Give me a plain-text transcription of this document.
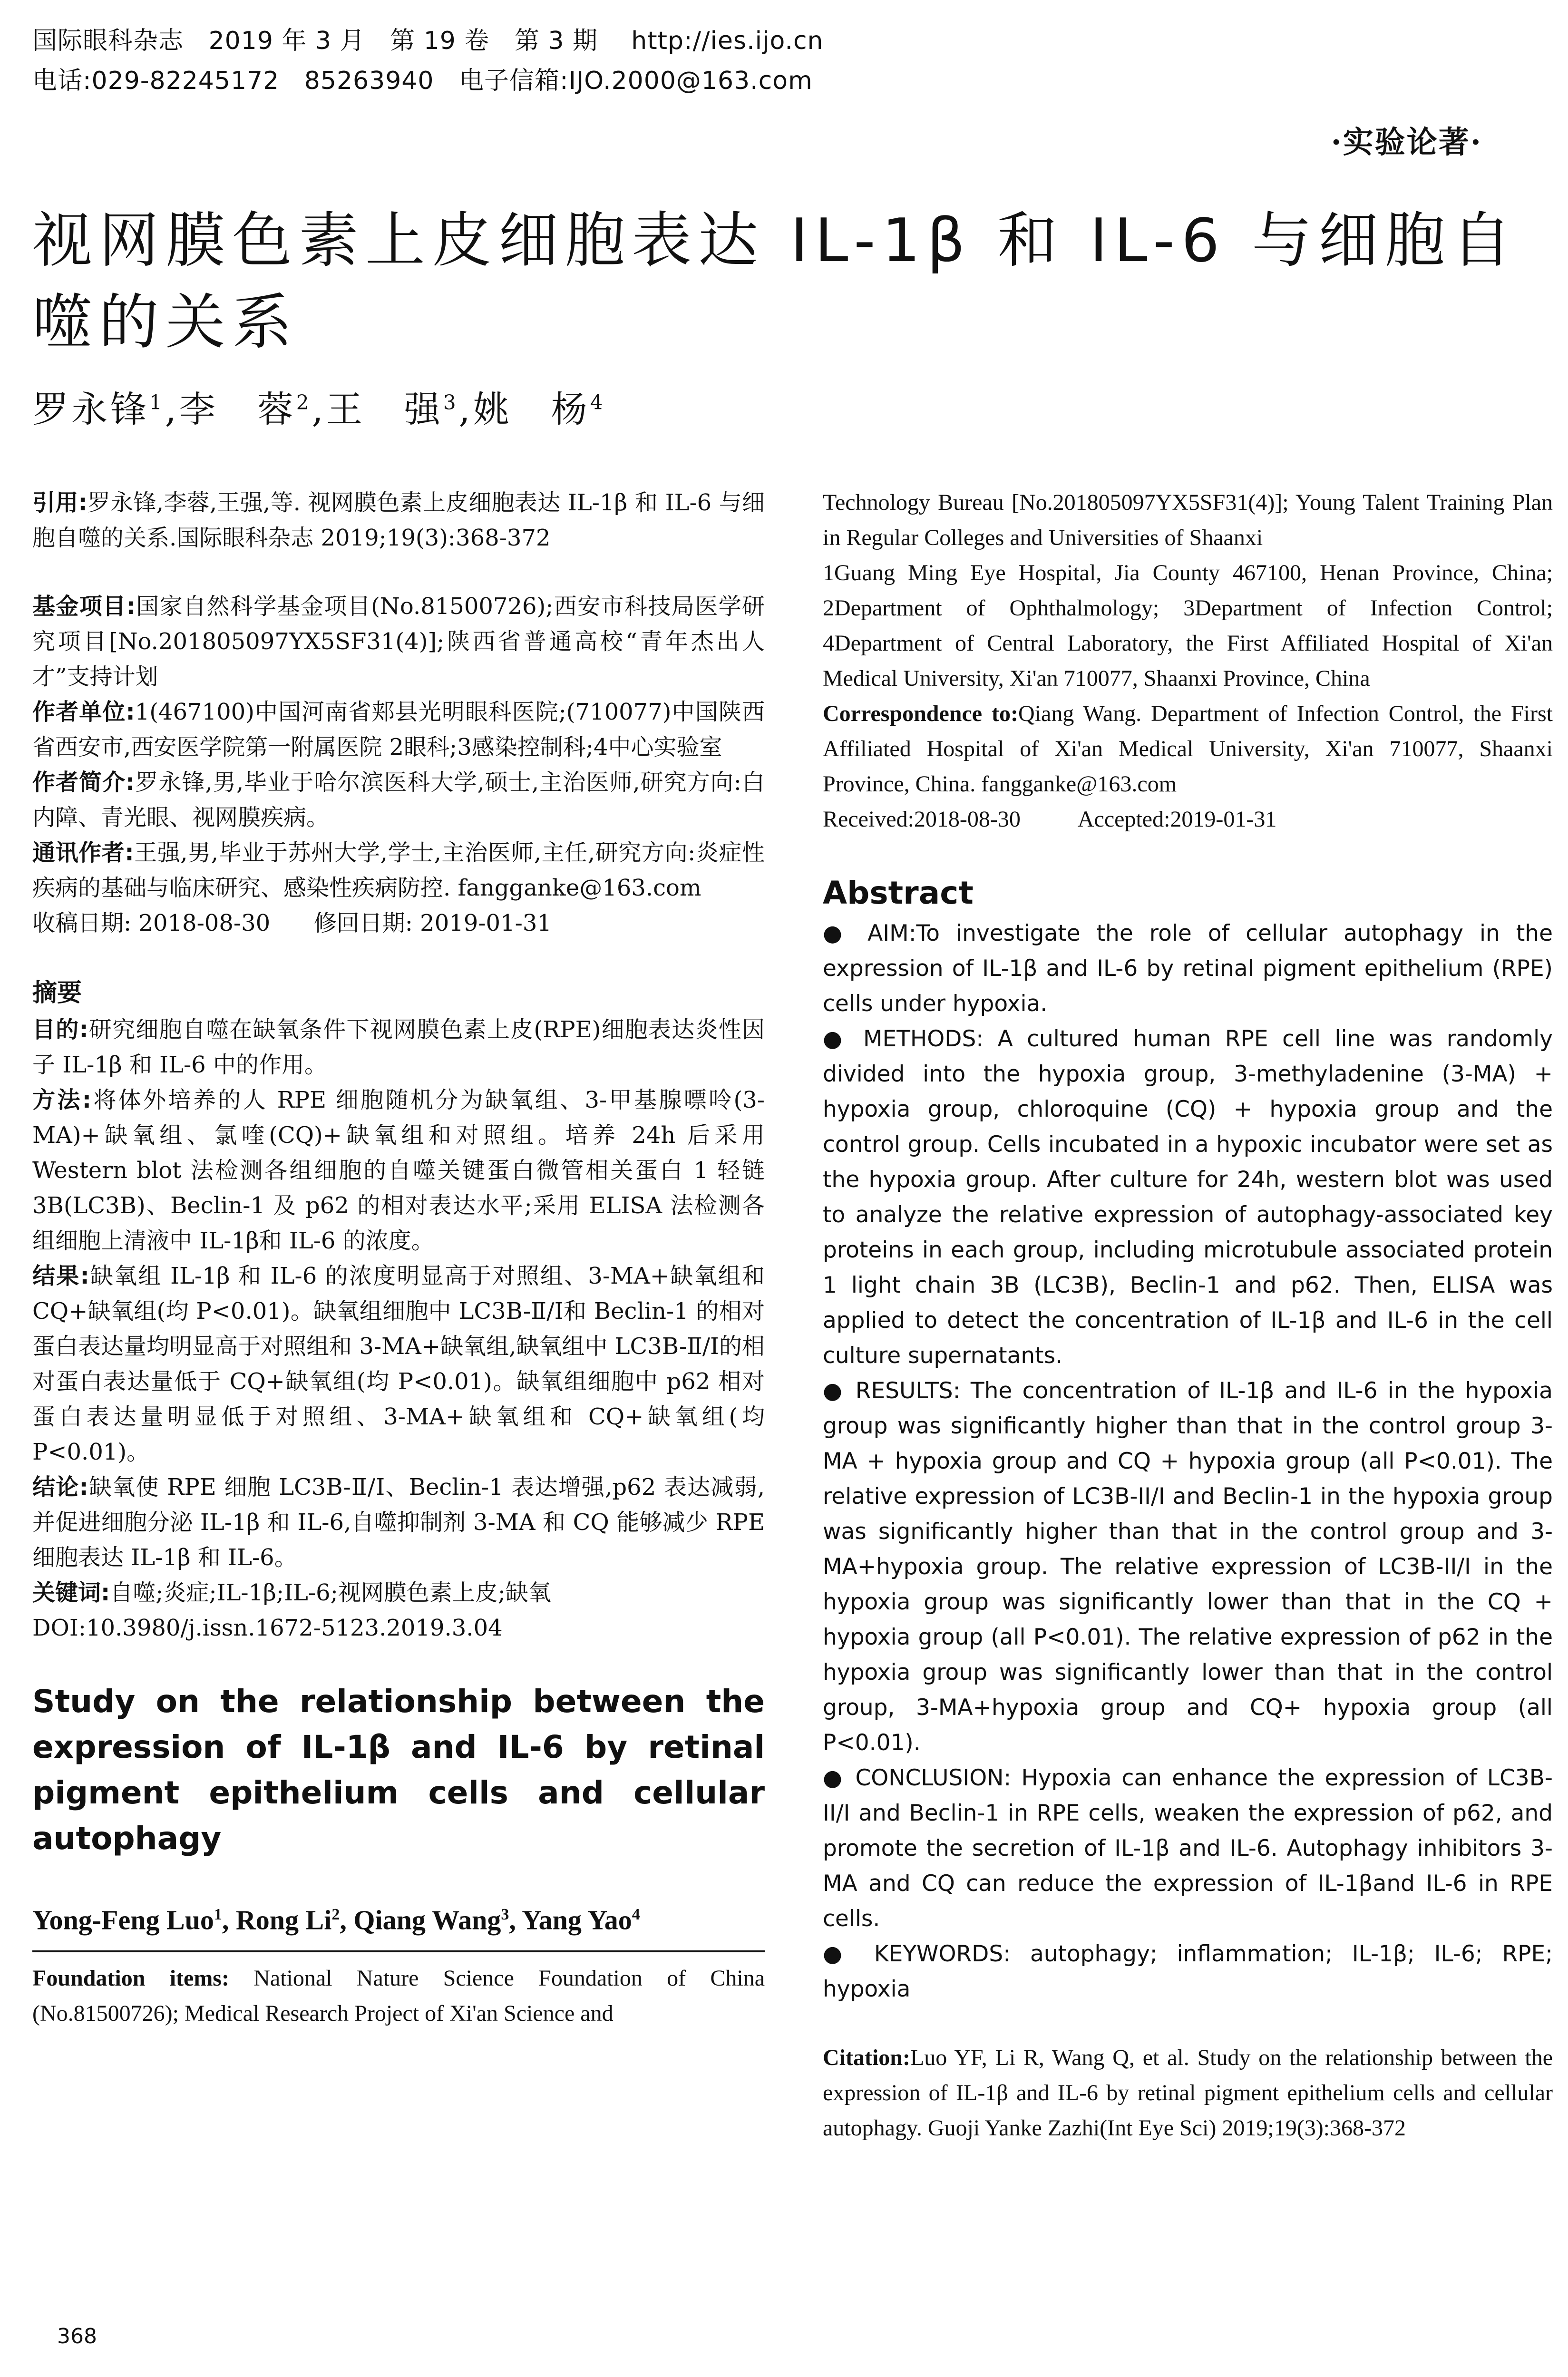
国际眼科杂志   2019 年 3 月   第 19 卷   第 3 期    http://ies.ijo.cn
电话:029-82245172   85263940   电子信箱:IJO.2000@163.com
·实验论著·
视网膜色素上皮细胞表达 IL-1β 和 IL-6 与细胞自噬的关系
罗永锋$^1$,李　蓉$^2$,王　强$^3$,姚　杨$^4$

引用:罗永锋,李蓉,王强,等. 视网膜色素上皮细胞表达 IL-1β 和 IL-6 与细胞自噬的关系.国际眼科杂志 2019;19(3):368-372

基金项目:国家自然科学基金项目(No.81500726);西安市科技局医学研究项目[No.201805097YX5SF31(4)];陕西省普通高校“青年杰出人才”支持计划

作者单位:1(467100)中国河南省郏县光明眼科医院;(710077)中国陕西省西安市,西安医学院第一附属医院 2眼科;3感染控制科;4中心实验室

作者简介:罗永锋,男,毕业于哈尔滨医科大学,硕士,主治医师,研究方向:白内障、青光眼、视网膜疾病。

通讯作者:王强,男,毕业于苏州大学,学士,主治医师,主任,研究方向:炎症性疾病的基础与临床研究、感染性疾病防控. fangganke@163.com

收稿日期: 2018-08-30 修回日期: 2019-01-31

摘要

目的:研究细胞自噬在缺氧条件下视网膜色素上皮(RPE)细胞表达炎性因子 IL-1β 和 IL-6 中的作用。

方法:将体外培养的人 RPE 细胞随机分为缺氧组、3-甲基腺嘌呤(3-MA)+缺氧组、氯喹(CQ)+缺氧组和对照组。培养 24h 后采用 Western blot 法检测各组细胞的自噬关键蛋白微管相关蛋白 1 轻链 3B(LC3B)、Beclin-1 及 p62 的相对表达水平;采用 ELISA 法检测各组细胞上清液中 IL-1β和 IL-6 的浓度。

结果:缺氧组 IL-1β 和 IL-6 的浓度明显高于对照组、3-MA+缺氧组和 CQ+缺氧组(均 P<0.01)。缺氧组细胞中 LC3B-Ⅱ/Ⅰ和 Beclin-1 的相对蛋白表达量均明显高于对照组和 3-MA+缺氧组,缺氧组中 LC3B-Ⅱ/Ⅰ的相对蛋白表达量低于 CQ+缺氧组(均 P<0.01)。缺氧组细胞中 p62 相对蛋白表达量明显低于对照组、3-MA+缺氧组和 CQ+缺氧组(均 P<0.01)。

结论:缺氧使 RPE 细胞 LC3B-Ⅱ/Ⅰ、Beclin-1 表达增强,p62 表达减弱,并促进细胞分泌 IL-1β 和 IL-6,自噬抑制剂 3-MA 和 CQ 能够减少 RPE 细胞表达 IL-1β 和 IL-6。

关键词:自噬;炎症;IL-1β;IL-6;视网膜色素上皮;缺氧

DOI:10.3980/j.issn.1672-5123.2019.3.04

Study on the relationship between the expression of IL-1β and IL-6 by retinal pigment epithelium cells and cellular autophagy

Yong-Feng Luo$^1$, Rong Li$^2$, Qiang Wang$^3$, Yang Yao$^4$

Foundation items: National Nature Science Foundation of China (No.81500726); Medical Research Project of Xi'an Science and

Technology Bureau [No.201805097YX5SF31(4)]; Young Talent Training Plan in Regular Colleges and Universities of Shaanxi

1Guang Ming Eye Hospital, Jia County 467100, Henan Province, China; 2Department of Ophthalmology; 3Department of Infection Control; 4Department of Central Laboratory, the First Affiliated Hospital of Xi'an Medical University, Xi'an 710077, Shaanxi Province, China

Correspondence to:Qiang Wang. Department of Infection Control, the First Affiliated Hospital of Xi'an Medical University, Xi'an 710077, Shaanxi Province, China. fangganke@163.com

Received:2018-08-30	Accepted:2019-01-31

Abstract

● AIM:To investigate the role of cellular autophagy in the expression of IL-1β and IL-6 by retinal pigment epithelium (RPE) cells under hypoxia.

● METHODS: A cultured human RPE cell line was randomly divided into the hypoxia group, 3-methyladenine (3-MA) + hypoxia group, chloroquine (CQ) + hypoxia group and the control group. Cells incubated in a hypoxic incubator were set as the hypoxia group. After culture for 24h, western blot was used to analyze the relative expression of autophagy-associated key proteins in each group, including microtubule associated protein 1 light chain 3B (LC3B), Beclin-1 and p62. Then, ELISA was applied to detect the concentration of IL-1β and IL-6 in the cell culture supernatants.

● RESULTS: The concentration of IL-1β and IL-6 in the hypoxia group was significantly higher than that in the control group 3-MA + hypoxia group and CQ + hypoxia group (all P<0.01). The relative expression of LC3B-II/I and Beclin-1 in the hypoxia group was significantly higher than that in the control group and 3-MA+hypoxia group. The relative expression of LC3B-II/I in the hypoxia group was significantly lower than that in the CQ + hypoxia group (all P<0.01). The relative expression of p62 in the hypoxia group was significantly lower than that in the control group, 3-MA+hypoxia group and CQ+ hypoxia group (all P<0.01).

● CONCLUSION: Hypoxia can enhance the expression of LC3B-II/I and Beclin-1 in RPE cells, weaken the expression of p62, and promote the secretion of IL-1β and IL-6. Autophagy inhibitors 3-MA and CQ can reduce the expression of IL-1βand IL-6 in RPE cells.

● KEYWORDS: autophagy; inflammation; IL-1β; IL-6; RPE; hypoxia

Citation:Luo YF, Li R, Wang Q, et al. Study on the relationship between the expression of IL-1β and IL-6 by retinal pigment epithelium cells and cellular autophagy. Guoji Yanke Zazhi(Int Eye Sci) 2019;19(3):368-372

368
